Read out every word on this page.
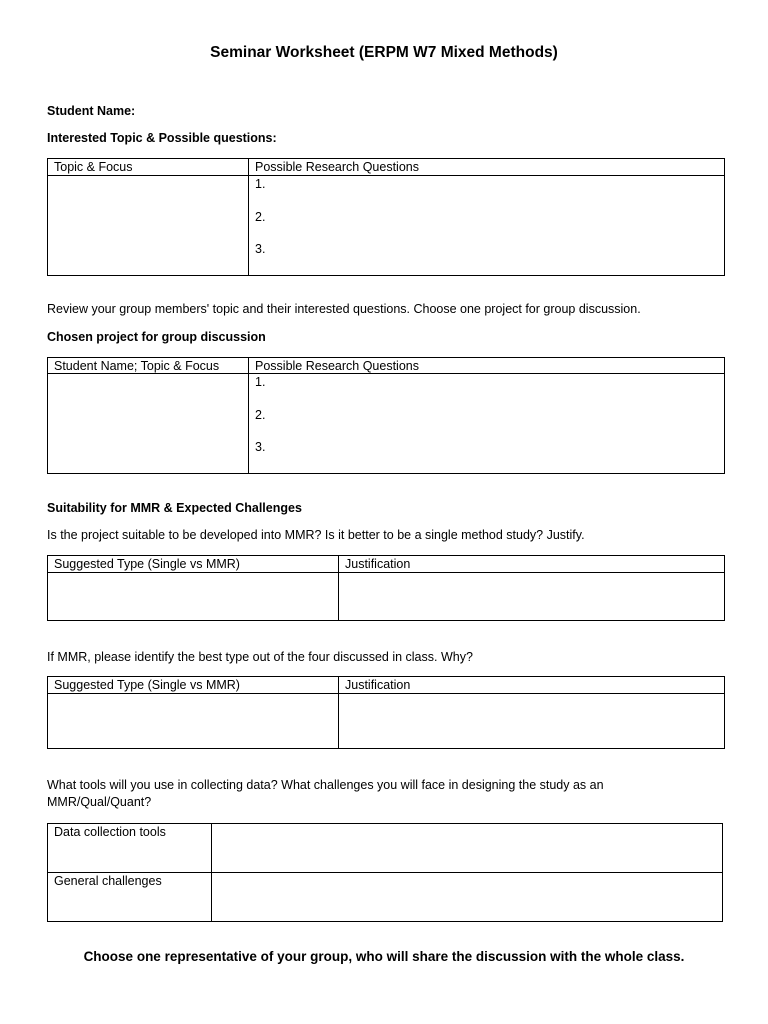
Seminar Worksheet (ERPM W7 Mixed Methods)
Student Name:
Interested Topic & Possible questions:
Topic & Focus	Possible Research Questions

	1.
2.
3.
Review your group members' topic and their interested questions. Choose one project for group discussion.
Chosen project for group discussion
Student Name; Topic & Focus	Possible Research Questions

	1.
2.
3.
Suitability for MMR & Expected Challenges
Is the project suitable to be developed into MMR? Is it better to be a single method study? Justify.
Suggested Type (Single vs MMR)	Justification

If MMR, please identify the best type out of the four discussed in class. Why?
Suggested Type (Single vs MMR)	Justification

What tools will you use in collecting data? What challenges you will face in designing the study as an
MMR/Qual/Quant?
Data collection tools	
General challenges	
Choose one representative of your group, who will share the discussion with the whole class.
